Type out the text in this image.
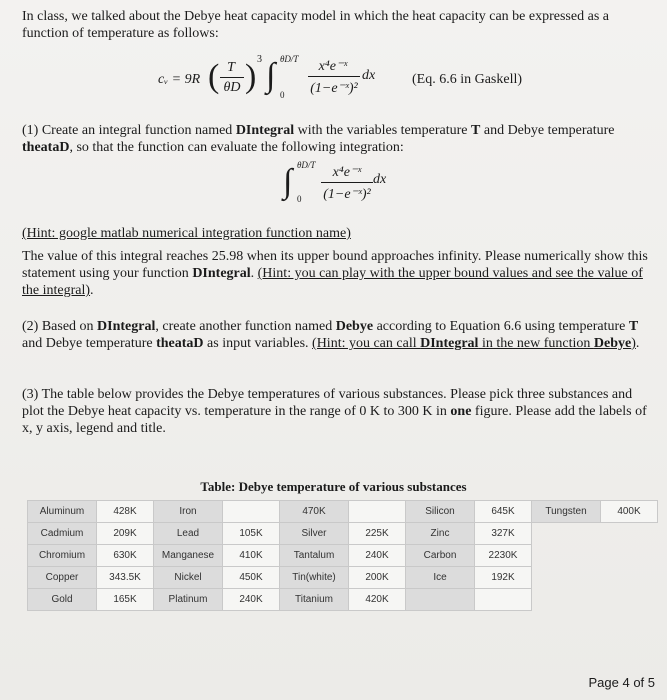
In class, we talked about the Debye heat capacity model in which the heat capacity can be expressed as a function of temperature as follows:
cᵥ = 9R ( T
θD ) 3 ∫ θD/T
0
x⁴e⁻ˣ
(1−e⁻ˣ)²
dx	(Eq. 6.6 in Gaskell)
(1) Create an integral function named DIntegral with the variables temperature T and Debye temperature theataD, so that the function can evaluate the following integration:
∫ θD/T
0
x⁴e⁻ˣ
(1−e⁻ˣ)²
dx
(Hint: google matlab numerical integration function name)
The value of this integral reaches 25.98 when its upper bound approaches infinity. Please numerically show this statement using your function DIntegral. (Hint: you can play with the upper bound values and see the value of the integral).
(2) Based on DIntegral, create another function named Debye according to Equation 6.6 using temperature T and Debye temperature theataD as input variables. (Hint: you can call DIntegral in the new function Debye).
(3) The table below provides the Debye temperatures of various substances. Please pick three substances and plot the Debye heat capacity vs. temperature in the range of 0 K to 300 K in one figure. Please add the labels of x, y axis, legend and title.
Table: Debye temperature of various substances
Aluminum	428K	Iron		470K		Silicon	645K	Tungsten	400K
Cadmium	209K	Lead	105K	Silver	225K	Zinc	327K		
Chromium	630K	Manganese	410K	Tantalum	240K	Carbon	2230K		
Copper	343.5K	Nickel	450K	Tin(white)	200K	Ice	192K		
Gold	165K	Platinum	240K	Titanium	420K				
Page 4 of 5
